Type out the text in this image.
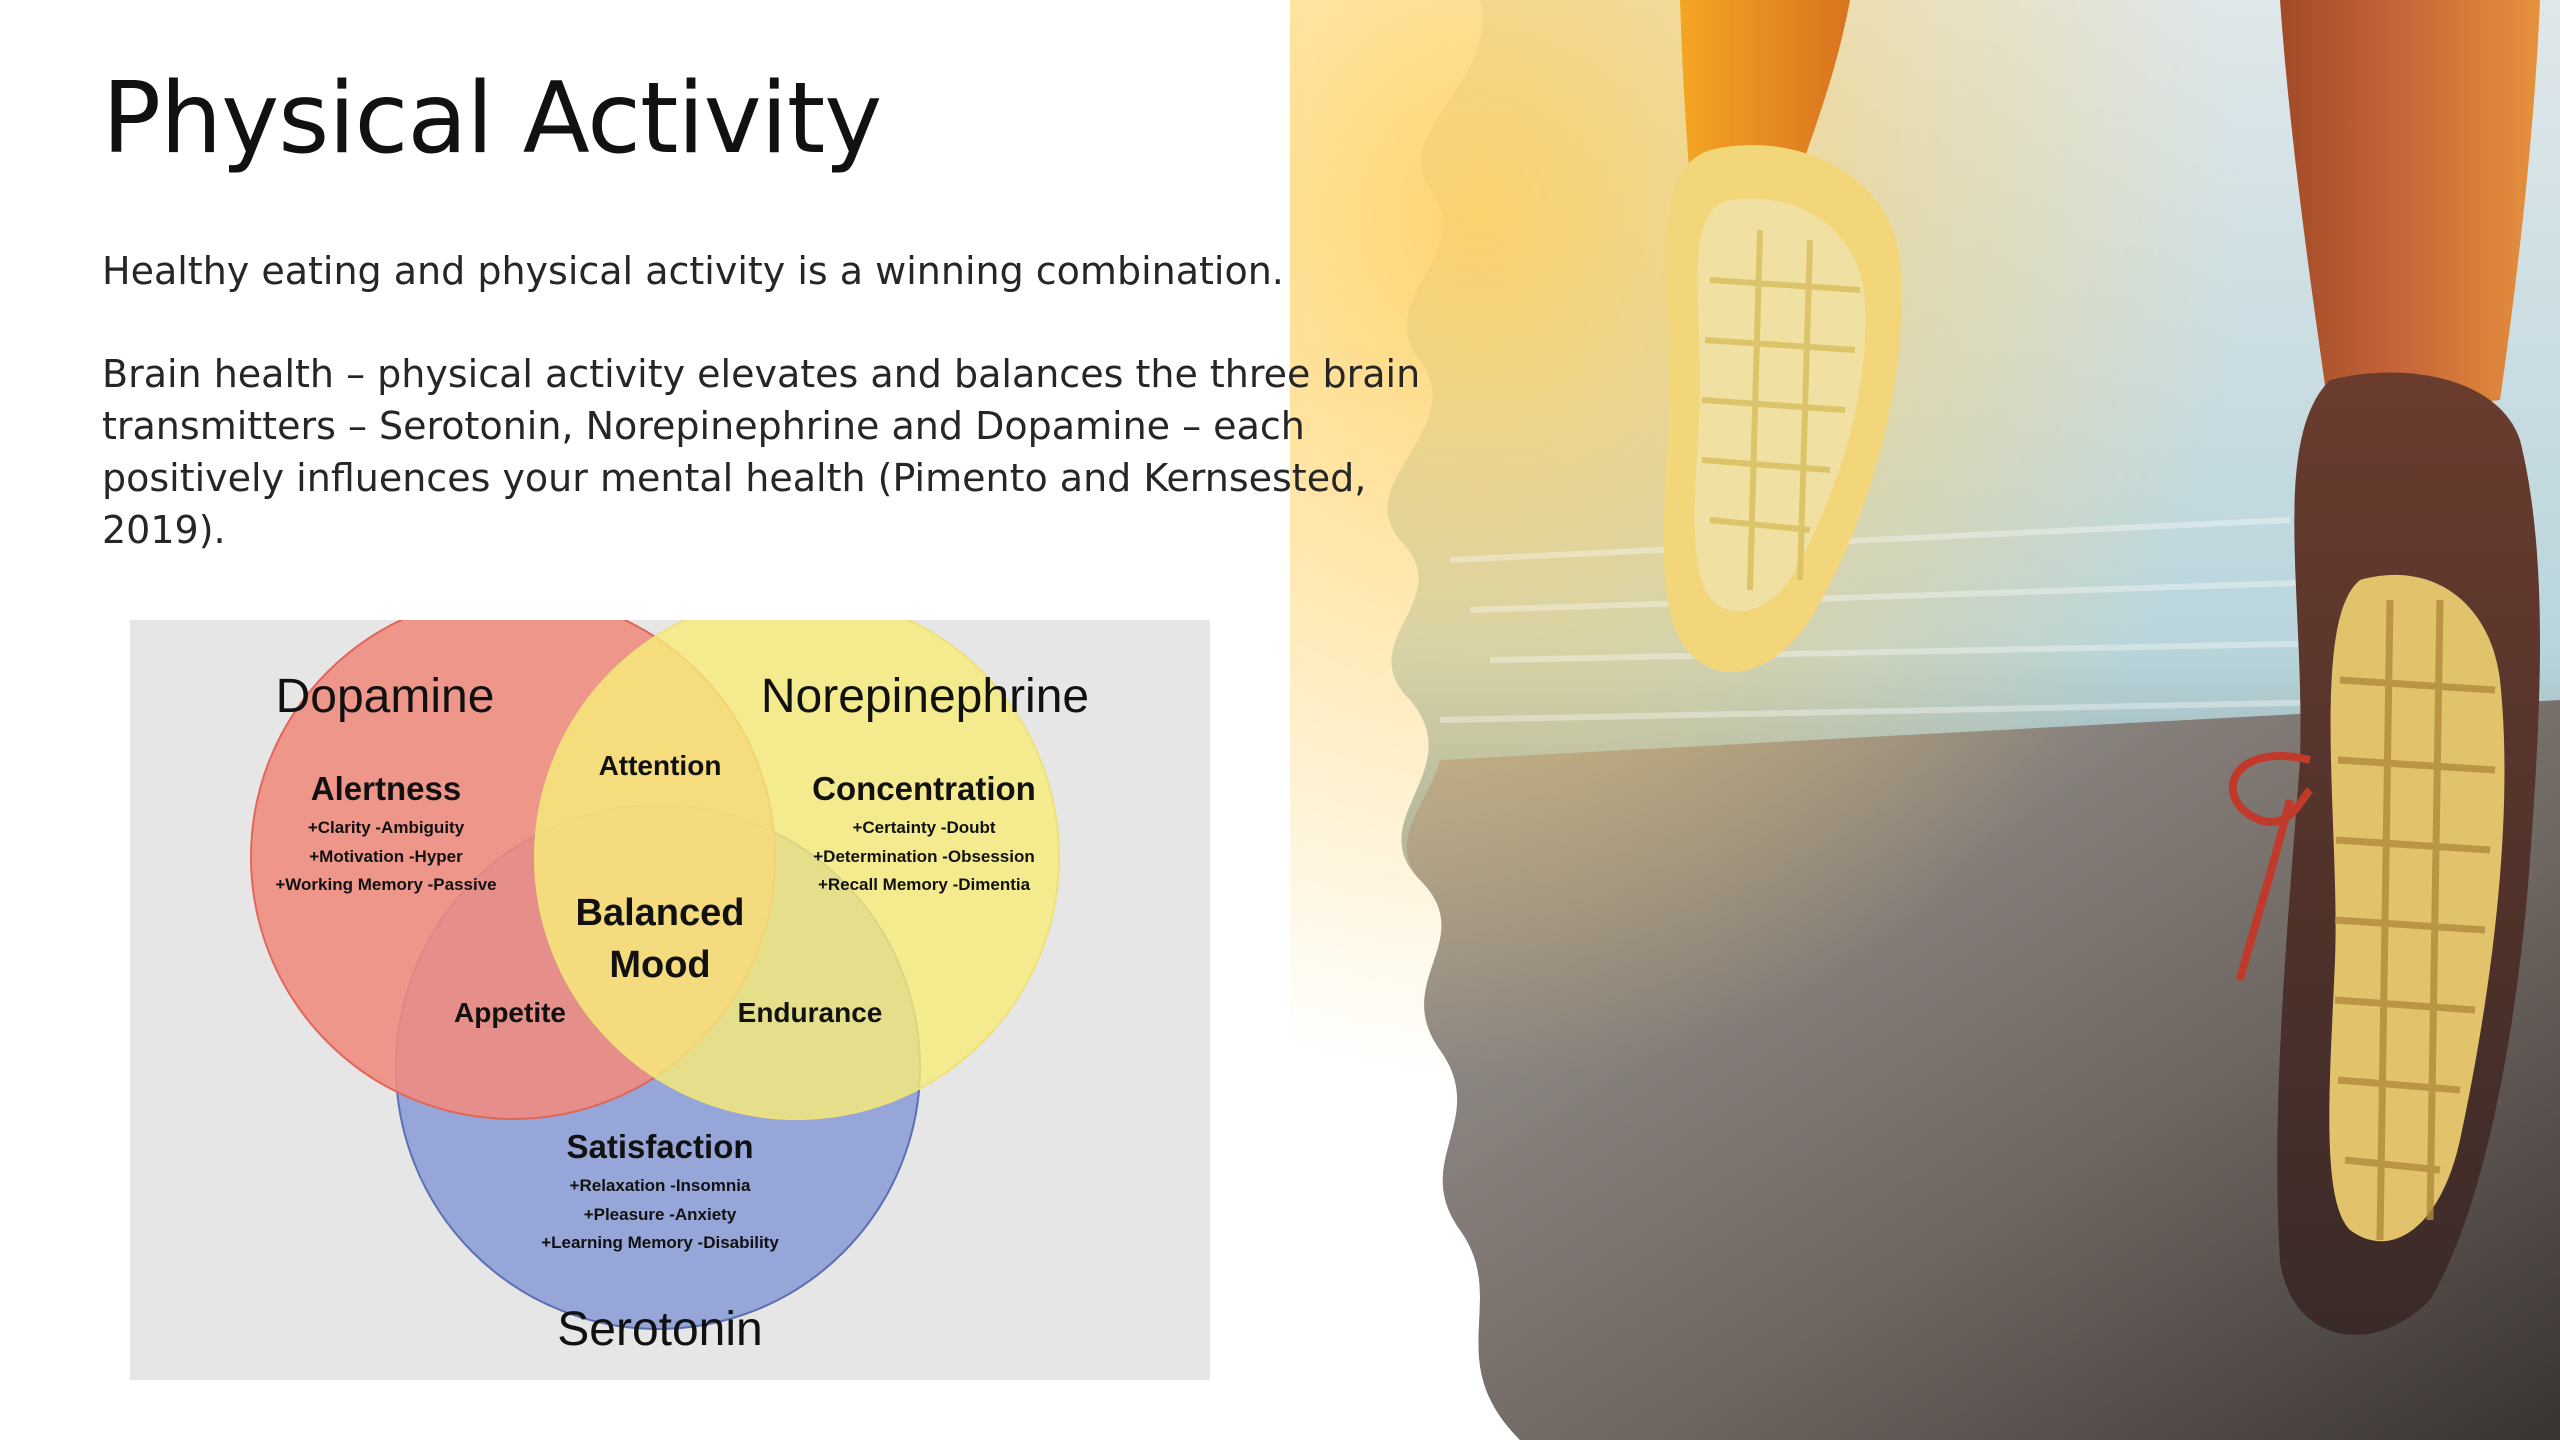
Physical Activity
Healthy eating and physical activity is a winning combination.
Brain health – physical activity elevates and balances the three brain transmitters – Serotonin, Norepinephrine and Dopamine – each positively influences your mental health (Pimento and Kernsested, 2019).
Dopamine	Norepinephrine
Serotonin
Alertness
+Clarity -Ambiguity
+Motivation -Hyper
+Working Memory -Passive
Concentration
+Certainty -Doubt
+Determination -Obsession
+Recall Memory -Dimentia
Satisfaction
+Relaxation -Insomnia
+Pleasure -Anxiety
+Learning Memory -Disability
Attention
Appetite	Endurance
Balanced
Mood
